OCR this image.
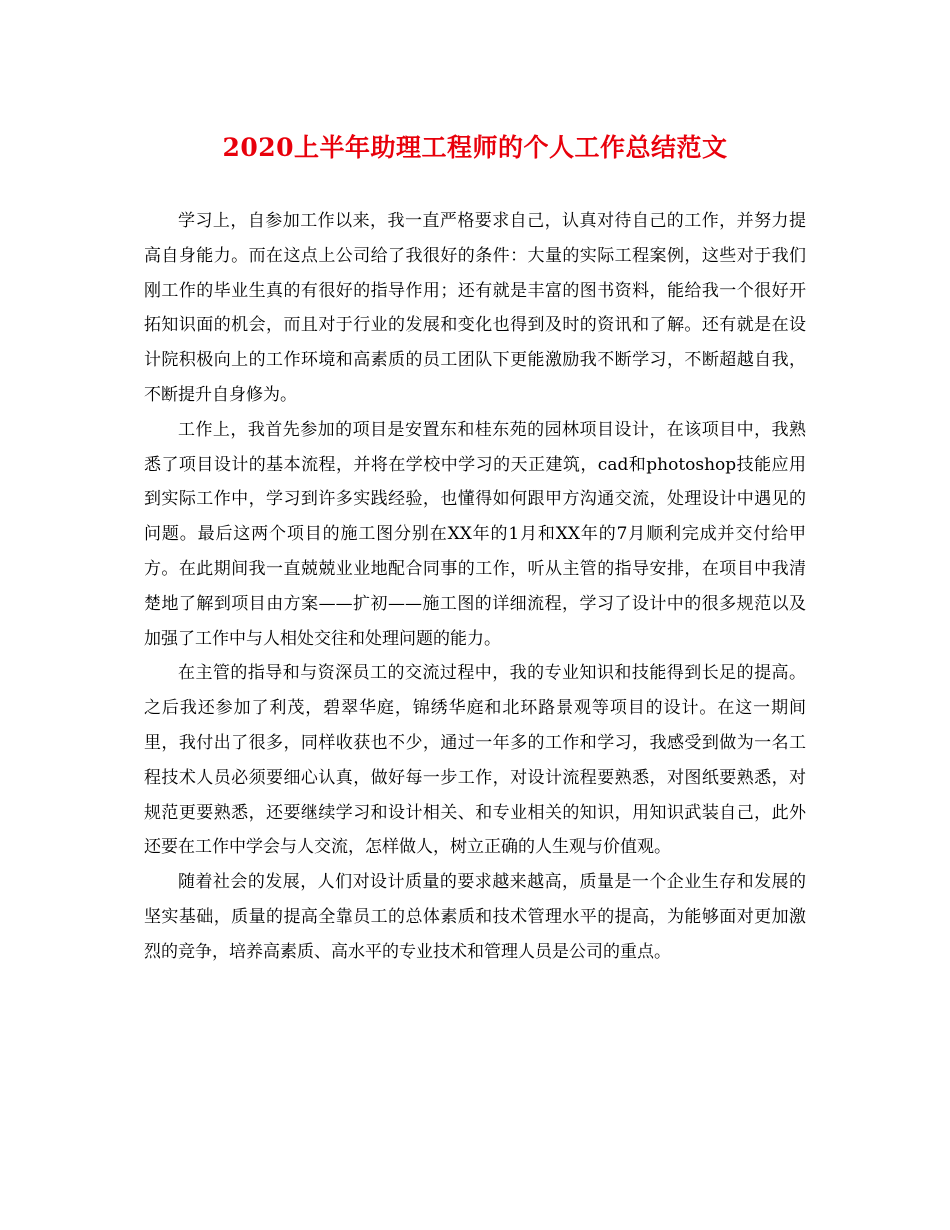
2020上半年助理工程师的个人工作总结范文

学习上，自参加工作以来，我一直严格要求自己，认真对待自己的工作，并努力提高自身能力。而在这点上公司给了我很好的条件：大量的实际工程案例，这些对于我们刚工作的毕业生真的有很好的指导作用；还有就是丰富的图书资料，能给我一个很好开拓知识面的机会，而且对于行业的发展和变化也得到及时的资讯和了解。还有就是在设计院积极向上的工作环境和高素质的员工团队下更能激励我不断学习，不断超越自我，不断提升自身修为。

工作上，我首先参加的项目是安置东和桂东苑的园林项目设计，在该项目中，我熟悉了项目设计的基本流程，并将在学校中学习的天正建筑，cad和photoshop技能应用到实际工作中，学习到许多实践经验，也懂得如何跟甲方沟通交流，处理设计中遇见的问题。最后这两个项目的施工图分别在XX年的1月和XX年的7月顺利完成并交付给甲方。在此期间我一直兢兢业业地配合同事的工作，听从主管的指导安排，在项目中我清楚地了解到项目由方案——扩初——施工图的详细流程，学习了设计中的很多规范以及加强了工作中与人相处交往和处理问题的能力。

在主管的指导和与资深员工的交流过程中，我的专业知识和技能得到长足的提高。之后我还参加了利茂，碧翠华庭，锦绣华庭和北环路景观等项目的设计。在这一期间里，我付出了很多，同样收获也不少，通过一年多的工作和学习，我感受到做为一名工程技术人员必须要细心认真，做好每一步工作，对设计流程要熟悉，对图纸要熟悉，对规范更要熟悉，还要继续学习和设计相关、和专业相关的知识，用知识武装自己，此外还要在工作中学会与人交流，怎样做人，树立正确的人生观与价值观。

随着社会的发展，人们对设计质量的要求越来越高，质量是一个企业生存和发展的坚实基础，质量的提高全靠员工的总体素质和技术管理水平的提高，为能够面对更加激烈的竞争，培养高素质、高水平的专业技术和管理人员是公司的重点。
